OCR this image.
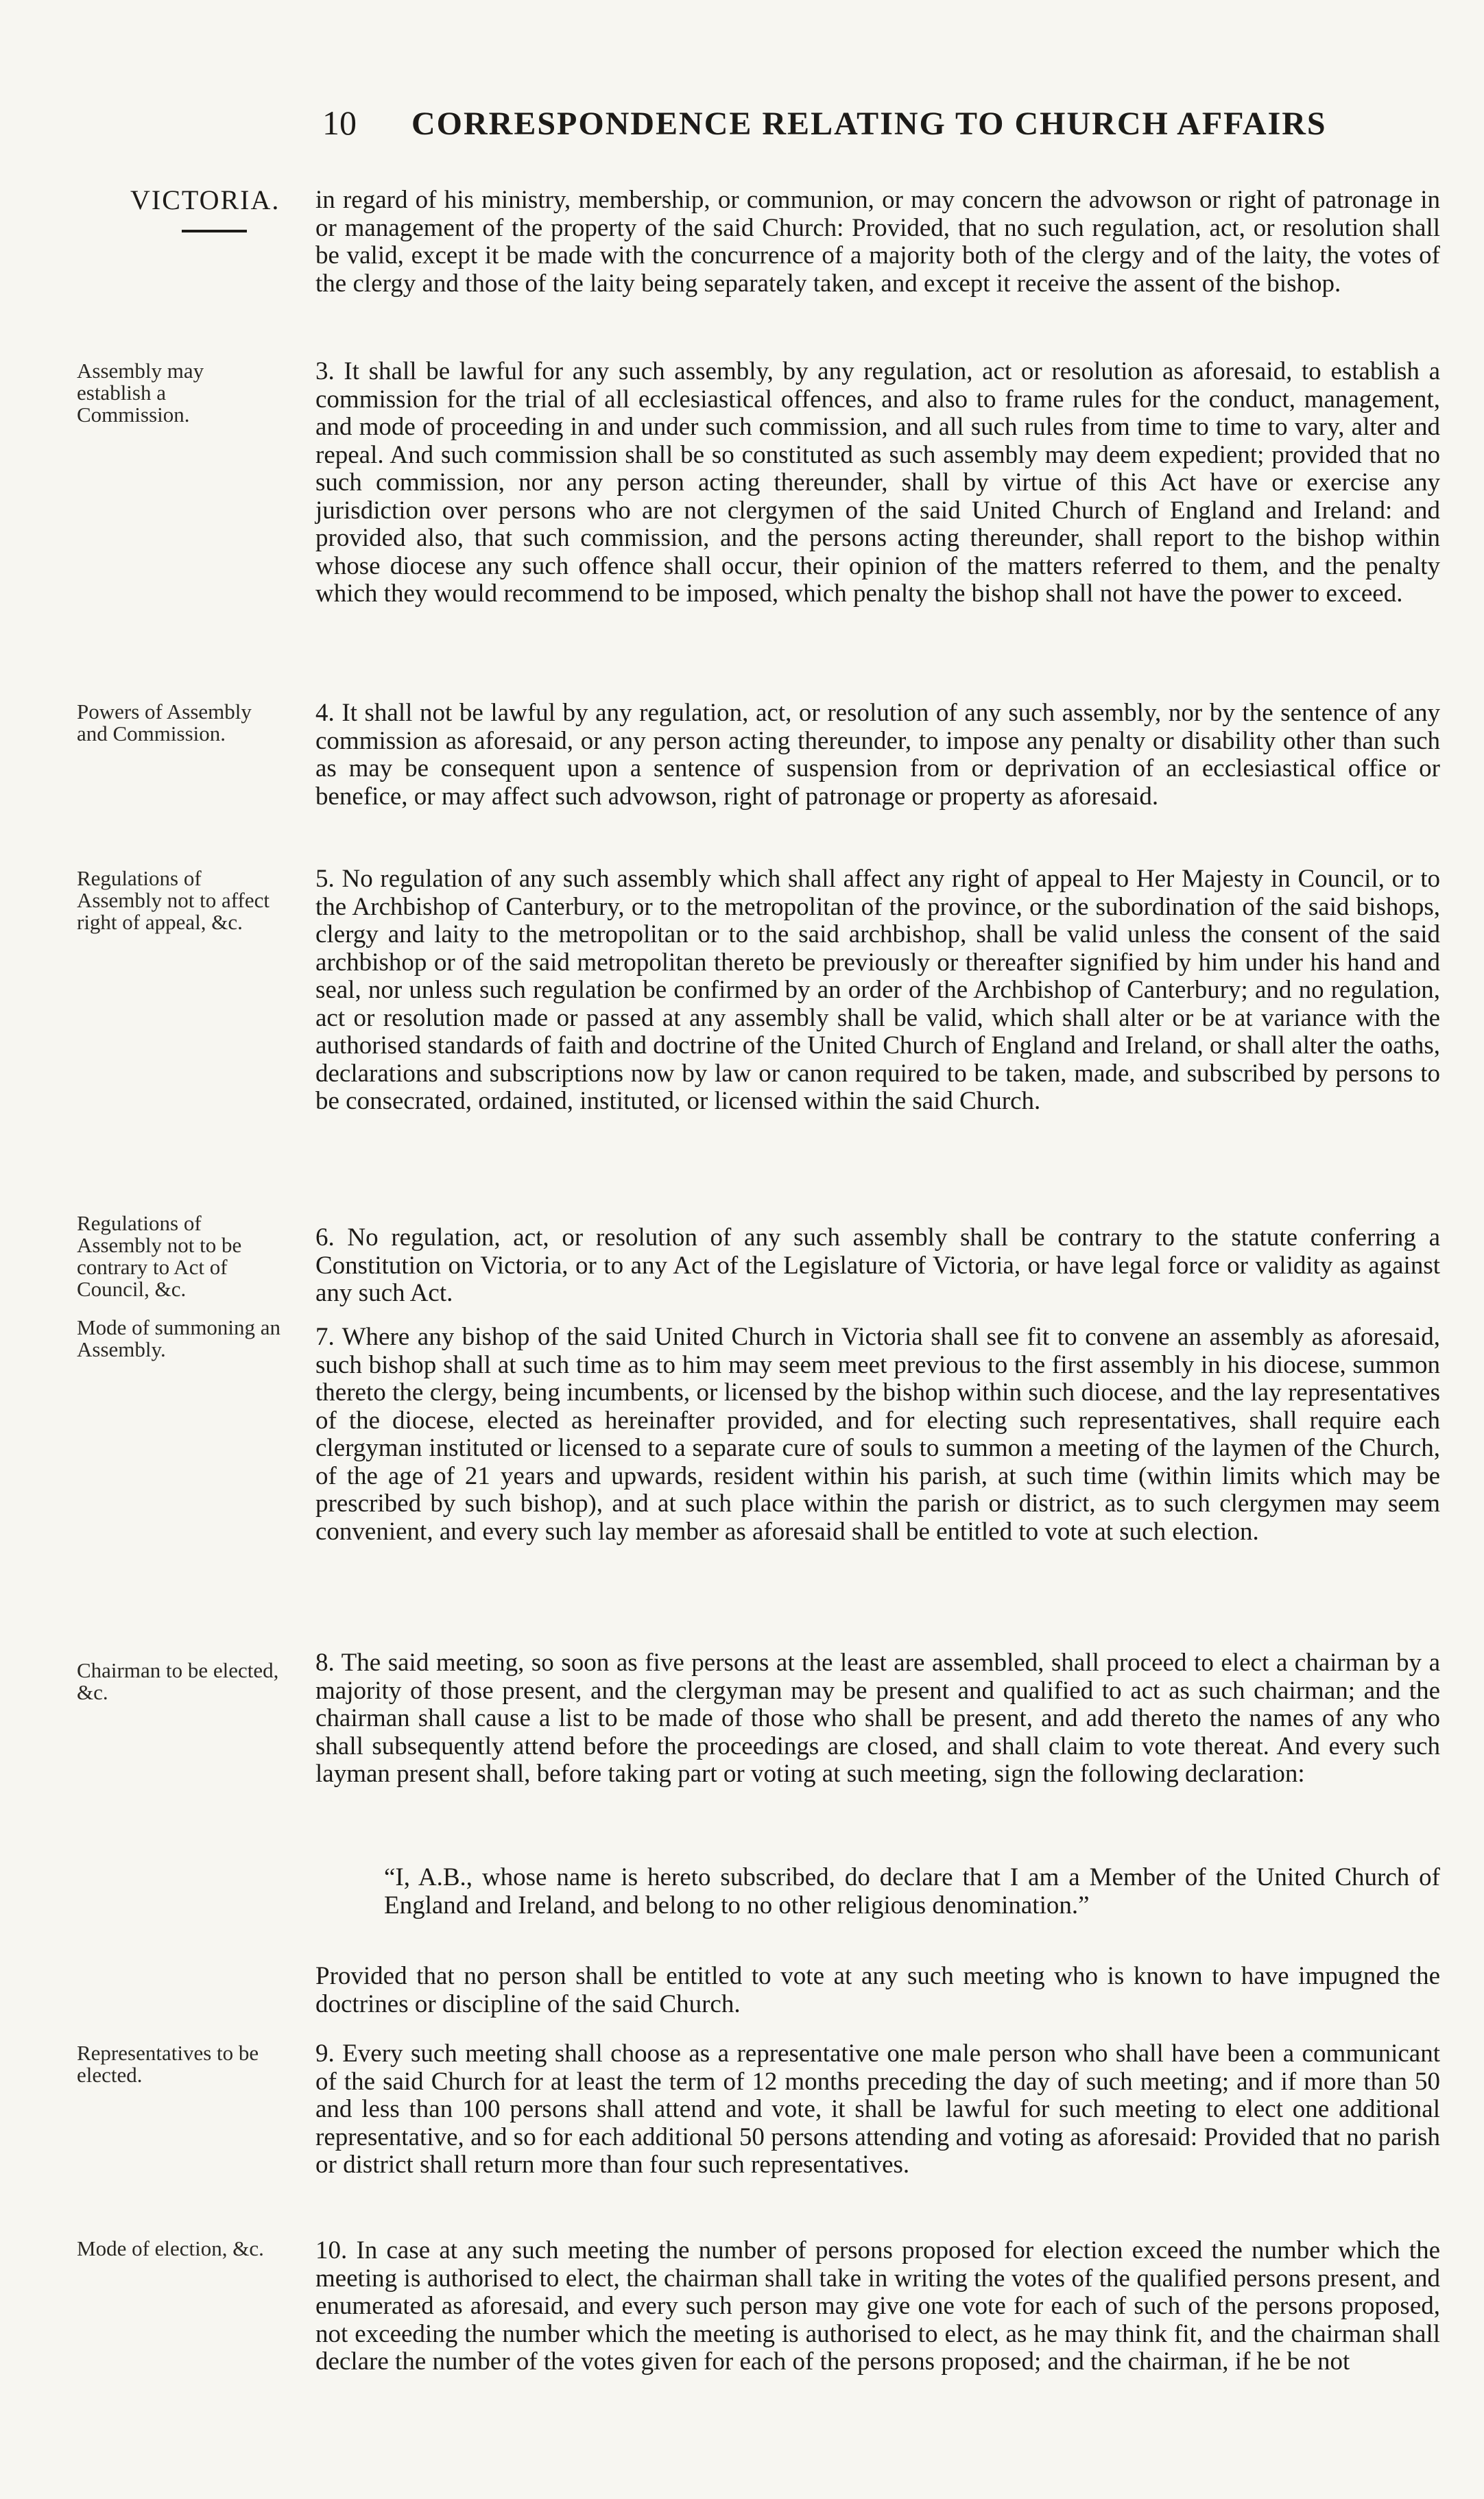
10	CORRESPONDENCE RELATING TO CHURCH AFFAIRS
VICTORIA. in regard of his ministry, membership, or communion, or may concern the advowson or right of patronage in or management of the property of the said Church: Provided, that no such regulation, act, or resolution shall be valid, except it be made with the concurrence of a majority both of the clergy and of the laity, the votes of the clergy and those of the laity being separately taken, and except it receive the assent of the bishop.
Assembly may establish a Commission.
3. It shall be lawful for any such assembly, by any regulation, act or resolution as aforesaid, to establish a commission for the trial of all ecclesiastical offences, and also to frame rules for the conduct, management, and mode of proceeding in and under such commission, and all such rules from time to time to vary, alter and repeal. And such commission shall be so constituted as such assembly may deem expedient; provided that no such commission, nor any person acting thereunder, shall by virtue of this Act have or exercise any jurisdiction over persons who are not clergymen of the said United Church of England and Ireland: and provided also, that such commission, and the persons acting thereunder, shall report to the bishop within whose diocese any such offence shall occur, their opinion of the matters referred to them, and the penalty which they would recommend to be imposed, which penalty the bishop shall not have the power to exceed.
Powers of Assembly and Commission.
4. It shall not be lawful by any regulation, act, or resolution of any such assembly, nor by the sentence of any commission as aforesaid, or any person acting thereunder, to impose any penalty or disability other than such as may be consequent upon a sentence of suspension from or deprivation of an ecclesiastical office or benefice, or may affect such advowson, right of patronage or property as aforesaid.
Regulations of Assembly not to affect right of appeal, &c.
5. No regulation of any such assembly which shall affect any right of appeal to Her Majesty in Council, or to the Archbishop of Canterbury, or to the metropolitan of the province, or the subordination of the said bishops, clergy and laity to the metropolitan or to the said archbishop, shall be valid unless the consent of the said archbishop or of the said metropolitan thereto be previously or thereafter signified by him under his hand and seal, nor unless such regulation be confirmed by an order of the Archbishop of Canterbury; and no regulation, act or resolution made or passed at any assembly shall be valid, which shall alter or be at variance with the authorised standards of faith and doctrine of the United Church of England and Ireland, or shall alter the oaths, declarations and subscriptions now by law or canon required to be taken, made, and subscribed by persons to be consecrated, ordained, instituted, or licensed within the said Church.
Regulations of Assembly not to be contrary to Act of Council, &c.
6. No regulation, act, or resolution of any such assembly shall be contrary to the statute conferring a Constitution on Victoria, or to any Act of the Legislature of Victoria, or have legal force or validity as against any such Act.
Mode of summoning an Assembly.	7. Where any bishop of the said United Church in Victoria shall see fit to convene an assembly as aforesaid, such bishop shall at such time as to him may seem meet previous to the first assembly in his diocese, summon thereto the clergy, being incumbents, or licensed by the bishop within such diocese, and the lay representatives of the diocese, elected as hereinafter provided, and for electing such representatives, shall require each clergyman instituted or licensed to a separate cure of souls to summon a meeting of the laymen of the Church, of the age of 21 years and upwards, resident within his parish, at such time (within limits which may be prescribed by such bishop), and at such place within the parish or district, as to such clergymen may seem convenient, and every such lay member as aforesaid shall be entitled to vote at such election.
Chairman to be elected, &c.
8. The said meeting, so soon as five persons at the least are assembled, shall proceed to elect a chairman by a majority of those present, and the clergyman may be present and qualified to act as such chairman; and the chairman shall cause a list to be made of those who shall be present, and add thereto the names of any who shall subsequently attend before the proceedings are closed, and shall claim to vote thereat. And every such layman present shall, before taking part or voting at such meeting, sign the following declaration:
“I, A.B., whose name is hereto subscribed, do declare that I am a Member of the United Church of England and Ireland, and belong to no other religious denomination.”
Provided that no person shall be entitled to vote at any such meeting who is known to have impugned the doctrines or discipline of the said Church.
Representatives to be elected.
9. Every such meeting shall choose as a representative one male person who shall have been a communicant of the said Church for at least the term of 12 months preceding the day of such meeting; and if more than 50 and less than 100 persons shall attend and vote, it shall be lawful for such meeting to elect one additional representative, and so for each additional 50 persons attending and voting as aforesaid: Provided that no parish or district shall return more than four such representatives.
Mode of election, &c.	10. In case at any such meeting the number of persons proposed for election exceed the number which the meeting is authorised to elect, the chairman shall take in writing the votes of the qualified persons present, and enumerated as aforesaid, and every such person may give one vote for each of such of the persons proposed, not exceeding the number which the meeting is authorised to elect, as he may think fit, and the chairman shall declare the number of the votes given for each of the persons proposed; and the chairman, if he be not
